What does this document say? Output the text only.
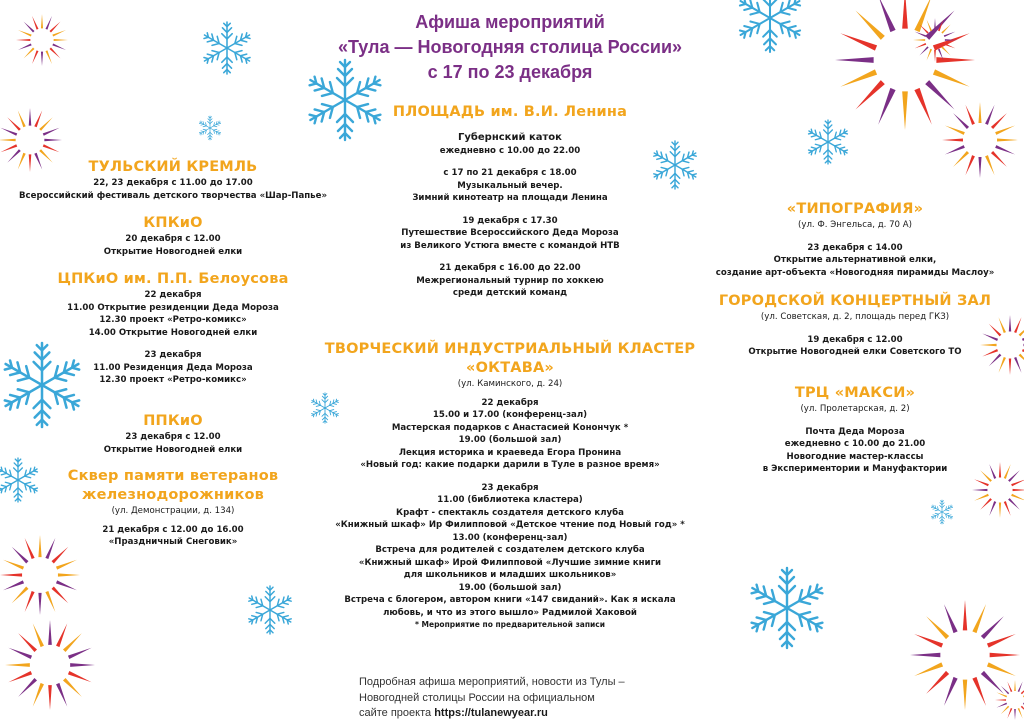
Афиша мероприятий
«Тула — Новогодняя столица России»
с 17 по 23 декабря
ТУЛЬСКИЙ КРЕМЛЬ
22, 23 декабря с 11.00 до 17.00
Всероссийский фестиваль детского творчества «Шар-Папье»
КПКиО
20 декабря с 12.00
Открытие Новогодней елки
ЦПКиО им. П.П. Белоусова
22 декабря
11.00 Открытие резиденции Деда Мороза
12.30 проект «Ретро-комикс»
14.00 Открытие Новогодней елки
23 декабря
11.00 Резиденция Деда Мороза
12.30 проект «Ретро-комикс»
ППКиО
23 декабря с 12.00
Открытие Новогодней елки
Сквер памяти ветеранов
железнодорожников
(ул. Демонстрации, д. 134)
21 декабря с 12.00 до 16.00
«Праздничный Снеговик»
ПЛОЩАДЬ им. В.И. Ленина
Губернский каток
ежедневно с 10.00 до 22.00
с 17 по 21 декабря с 18.00
Музыкальный вечер.
Зимний кинотеатр на площади Ленина
19 декабря с 17.30
Путешествие Всероссийского Деда Мороза
из Великого Устюга вместе с командой НТВ
21 декабря с 16.00 до 22.00
Межрегиональный турнир по хоккею
среди детский команд
ТВОРЧЕСКИЙ ИНДУСТРИАЛЬНЫЙ КЛАСТЕР «ОКТАВА»
(ул. Каминского, д. 24)
22 декабря
15.00 и 17.00 (конференц-зал)
Мастерская подарков с Анастасией Конончук *
19.00 (большой зал)
Лекция историка и краеведа Егора Пронина
«Новый год: какие подарки дарили в Туле в разное время»
23 декабря
11.00 (библиотека кластера)
Крафт - спектакль создателя детского клуба
«Книжный шкаф» Ир Филипповой «Детское чтение под Новый год» *
13.00 (конференц-зал)
Встреча для родителей с создателем детского клуба
«Книжный шкаф» Ирой Филипповой «Лучшие зимние книги
для школьников и младших школьников»
19.00 (большой зал)
Встреча с блогером, автором книги «147 свиданий». Как я искала
любовь, и что из этого вышло» Радмилой Хаковой
* Мероприятие по предварительной записи
«ТИПОГРАФИЯ»
(ул. Ф. Энгельса, д. 70 А)
23 декабря с 14.00
Открытие альтернативной елки,
создание арт-объекта «Новогодняя пирамиды Маслоу»
ГОРОДСКОЙ КОНЦЕРТНЫЙ ЗАЛ
(ул. Советская, д. 2, площадь перед ГКЗ)
19 декабря с 12.00
Открытие Новогодней елки Советского ТО
ТРЦ «МАКСИ»
(ул. Пролетарская, д. 2)
Почта Деда Мороза
ежедневно с 10.00 до 21.00
Новогодние мастер-классы
в Экспериментории и Мануфактории
Подробная афиша мероприятий, новости из Тулы –
Новогодней столицы России на официальном
сайте проекта https://tulanewyear.ru
